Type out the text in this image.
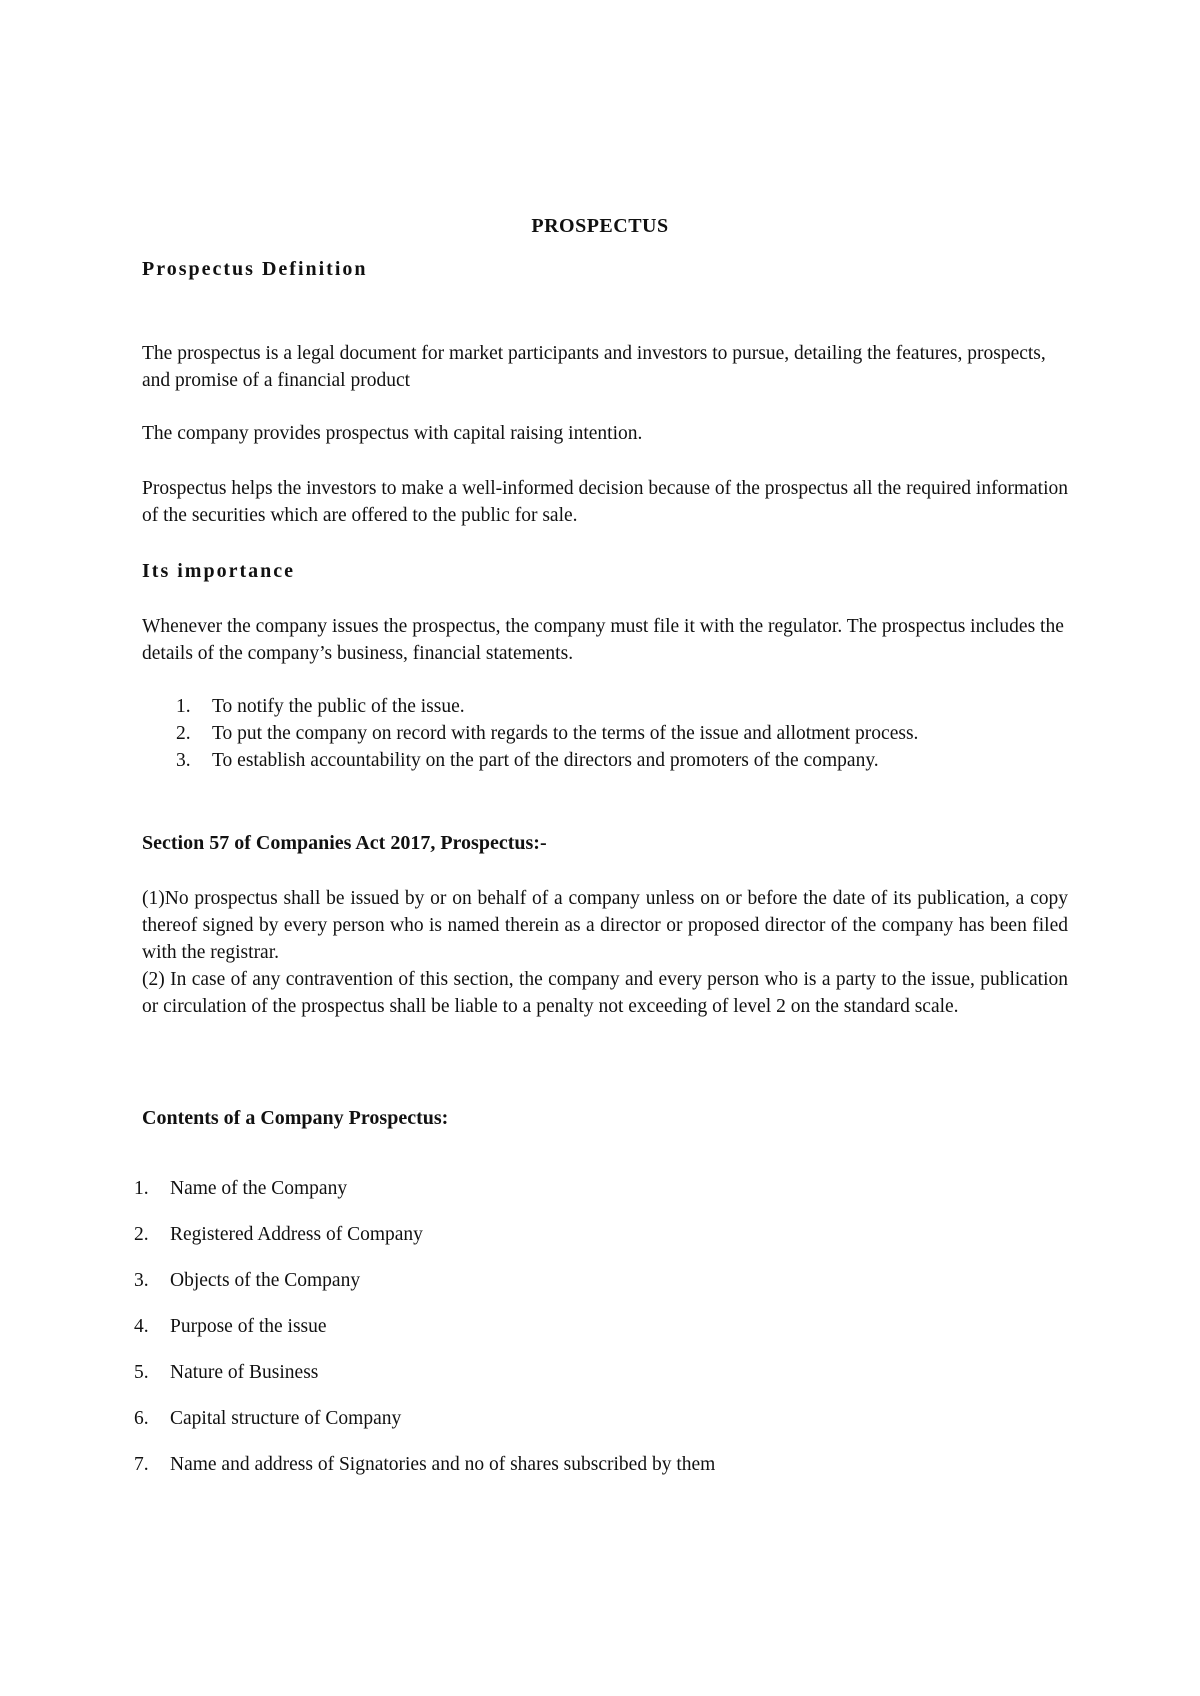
PROSPECTUS
Prospectus Definition

The prospectus is a legal document for market participants and investors to pursue, detailing the features, prospects, and promise of a financial product

The company provides prospectus with capital raising intention.

Prospectus helps the investors to make a well-informed decision because of the prospectus all the required information of the securities which are offered to the public for sale.

Its importance

Whenever the company issues the prospectus, the company must file it with the regulator. The prospectus includes the details of the company’s business, financial statements.

1. To notify the public of the issue.
2. To put the company on record with regards to the terms of the issue and allotment process.
3. To establish accountability on the part of the directors and promoters of the company.
Section 57 of Companies Act 2017, Prospectus:-

(1)No prospectus shall be issued by or on behalf of a company unless on or before the date of its publication, a copy thereof signed by every person who is named therein as a director or proposed director of the company has been filed with the registrar.

(2) In case of any contravention of this section, the company and every person who is a party to the issue, publication or circulation of the prospectus shall be liable to a penalty not exceeding of level 2 on the standard scale.

Contents of a Company Prospectus:
1. Name of the Company
2. Registered Address of Company
3. Objects of the Company
4. Purpose of the issue
5. Nature of Business
6. Capital structure of Company
7. Name and address of Signatories and no of shares subscribed by them
